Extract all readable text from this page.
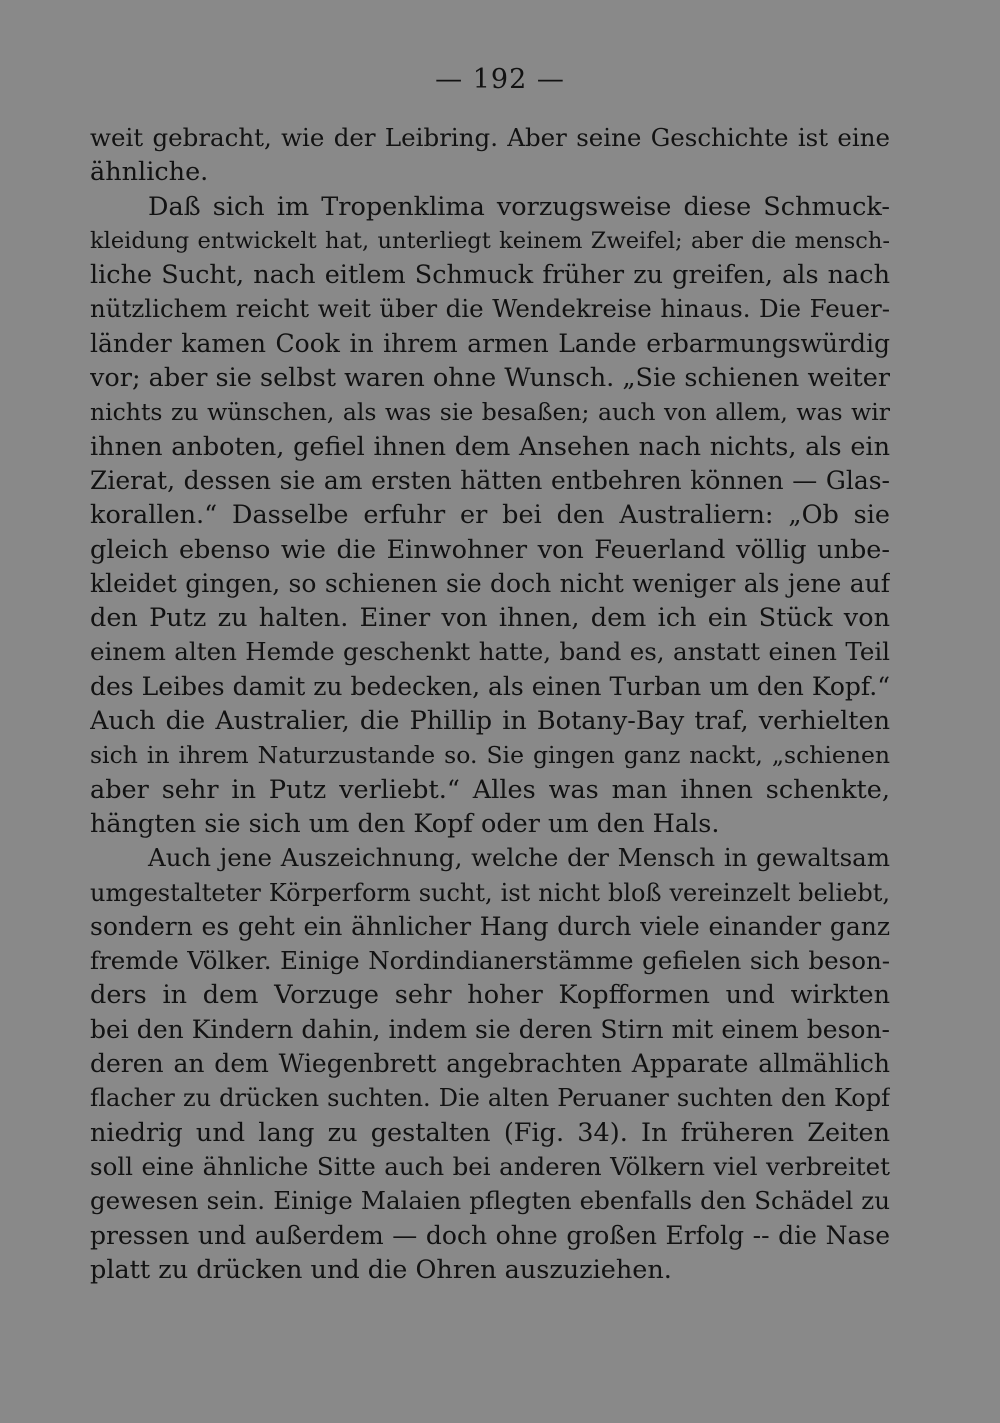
— 192 —
weit gebracht, wie der Leibring. Aber seine Geschichte ist eine
ähnliche.
Daß sich im Tropenklima vorzugsweise diese Schmuck-
kleidung entwickelt hat, unterliegt keinem Zweifel; aber die mensch-
liche Sucht, nach eitlem Schmuck früher zu greifen, als nach
nützlichem reicht weit über die Wendekreise hinaus. Die Feuer-
länder kamen Cook in ihrem armen Lande erbarmungswürdig
vor; aber sie selbst waren ohne Wunsch. „Sie schienen weiter
nichts zu wünschen, als was sie besaßen; auch von allem, was wir
ihnen anboten, gefiel ihnen dem Ansehen nach nichts, als ein
Zierat, dessen sie am ersten hätten entbehren können — Glas-
korallen.“ Dasselbe erfuhr er bei den Australiern: „Ob sie
gleich ebenso wie die Einwohner von Feuerland völlig unbe-
kleidet gingen, so schienen sie doch nicht weniger als jene auf
den Putz zu halten. Einer von ihnen, dem ich ein Stück von
einem alten Hemde geschenkt hatte, band es, anstatt einen Teil
des Leibes damit zu bedecken, als einen Turban um den Kopf.“
Auch die Australier, die Phillip in Botany-Bay traf, verhielten
sich in ihrem Naturzustande so. Sie gingen ganz nackt, „schienen
aber sehr in Putz verliebt.“ Alles was man ihnen schenkte,
hängten sie sich um den Kopf oder um den Hals.
Auch jene Auszeichnung, welche der Mensch in gewaltsam
umgestalteter Körperform sucht, ist nicht bloß vereinzelt beliebt,
sondern es geht ein ähnlicher Hang durch viele einander ganz
fremde Völker. Einige Nordindianerstämme gefielen sich beson-
ders in dem Vorzuge sehr hoher Kopfformen und wirkten
bei den Kindern dahin, indem sie deren Stirn mit einem beson-
deren an dem Wiegenbrett angebrachten Apparate allmählich
flacher zu drücken suchten. Die alten Peruaner suchten den Kopf
niedrig und lang zu gestalten (Fig. 34). In früheren Zeiten
soll eine ähnliche Sitte auch bei anderen Völkern viel verbreitet
gewesen sein. Einige Malaien pflegten ebenfalls den Schädel zu
pressen und außerdem — doch ohne großen Erfolg -- die Nase
platt zu drücken und die Ohren auszuziehen.
